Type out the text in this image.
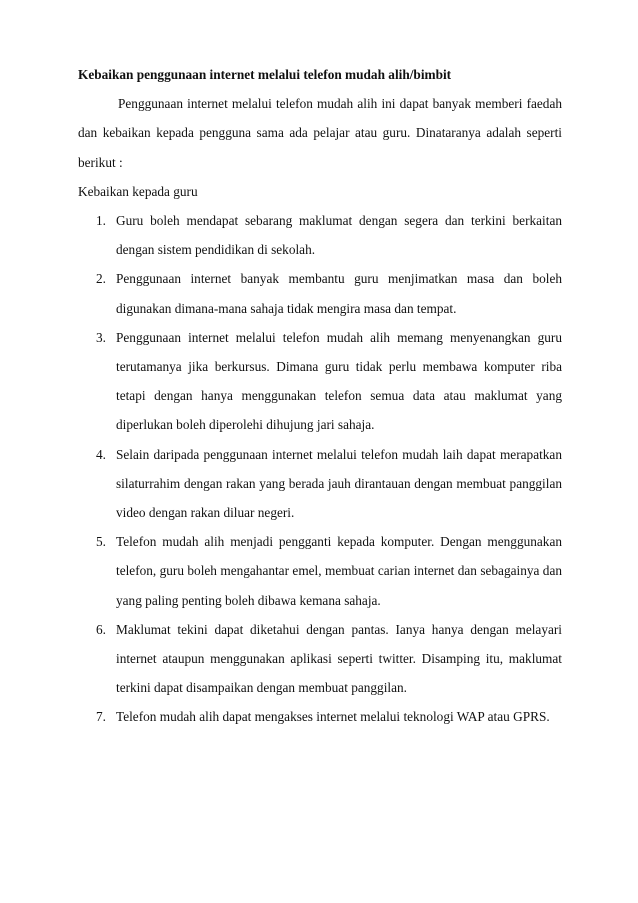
Kebaikan penggunaan internet melalui telefon mudah alih/bimbit

Penggunaan internet melalui telefon mudah alih ini dapat banyak memberi faedah dan kebaikan kepada pengguna sama ada pelajar atau guru. Dinataranya adalah seperti berikut :

Kebaikan kepada guru

1. Guru boleh mendapat sebarang maklumat dengan segera dan terkini berkaitan dengan sistem pendidikan di sekolah.
2. Penggunaan internet banyak membantu guru menjimatkan masa dan boleh digunakan dimana-mana sahaja tidak mengira masa dan tempat.
3. Penggunaan internet melalui telefon mudah alih memang menyenangkan guru terutamanya jika berkursus. Dimana guru tidak perlu membawa komputer riba tetapi dengan hanya menggunakan telefon semua data atau maklumat yang diperlukan boleh diperolehi dihujung jari sahaja.
4. Selain daripada penggunaan internet melalui telefon mudah laih dapat merapatkan silaturrahim dengan rakan yang berada jauh dirantauan dengan membuat panggilan video dengan rakan diluar negeri.
5. Telefon mudah alih menjadi pengganti kepada komputer. Dengan menggunakan telefon, guru boleh mengahantar emel, membuat carian internet dan sebagainya dan yang paling penting boleh dibawa kemana sahaja.
6. Maklumat tekini dapat diketahui dengan pantas. Ianya hanya dengan melayari internet ataupun menggunakan aplikasi seperti twitter. Disamping itu, maklumat terkini dapat disampaikan dengan membuat panggilan.
7. Telefon mudah alih dapat mengakses internet melalui teknologi WAP atau GPRS.
